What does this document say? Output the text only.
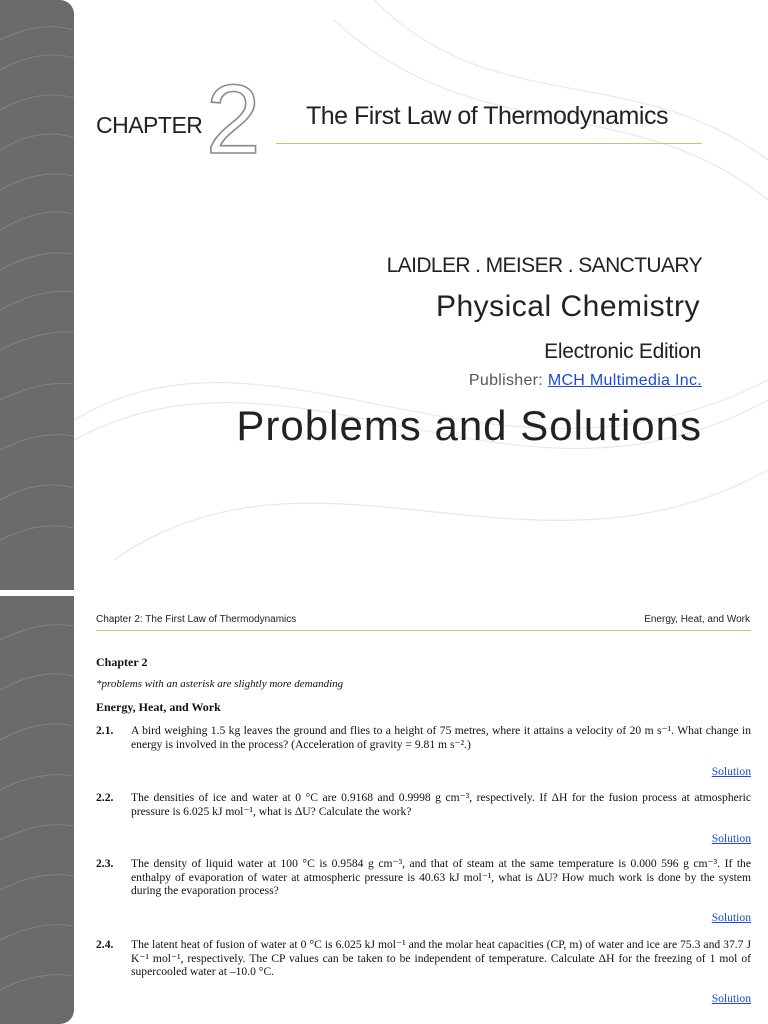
CHAPTER 2 The First Law of Thermodynamics
LAIDLER . MEISER . SANCTUARY
Physical Chemistry
Electronic Edition
Publisher: MCH Multimedia Inc.
Problems and Solutions
Chapter 2: The First Law of Thermodynamics	Energy, Heat, and Work
Chapter 2
*problems with an asterisk are slightly more demanding
Energy, Heat, and Work
2.1. A bird weighing 1.5 kg leaves the ground and flies to a height of 75 metres, where it attains a velocity of 20 m s⁻¹. What change in energy is involved in the process? (Acceleration of gravity = 9.81 m s⁻².)
Solution
2.2. The densities of ice and water at 0 °C are 0.9168 and 0.9998 g cm⁻³, respectively. If ΔH for the fusion process at atmospheric pressure is 6.025 kJ mol⁻¹, what is ΔU? Calculate the work?
Solution
2.3. The density of liquid water at 100 °C is 0.9584 g cm⁻³, and that of steam at the same temperature is 0.000 596 g cm⁻³. If the enthalpy of evaporation of water at atmospheric pressure is 40.63 kJ mol⁻¹, what is ΔU? How much work is done by the system during the evaporation process?
Solution
2.4. The latent heat of fusion of water at 0 °C is 6.025 kJ mol⁻¹ and the molar heat capacities (CP, m) of water and ice are 75.3 and 37.7 J K⁻¹ mol⁻¹, respectively. The CP values can be taken to be independent of temperature. Calculate ΔH for the freezing of 1 mol of supercooled water at –10.0 °C.
Solution
